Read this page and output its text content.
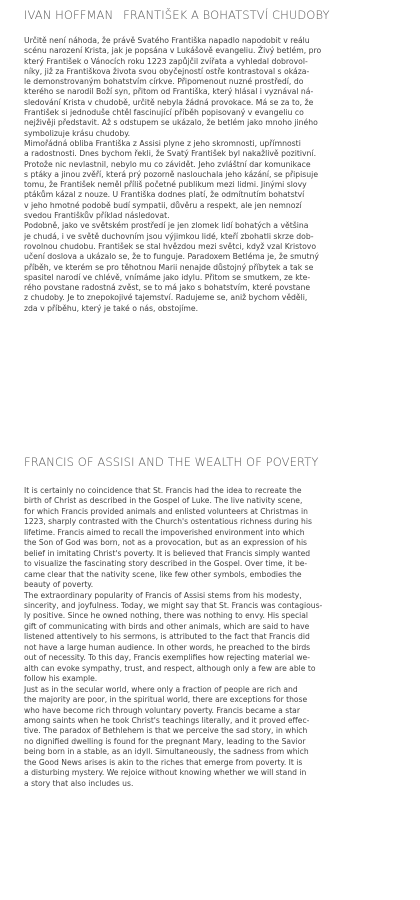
IVAN HOFFMAN FRANTIŠEK A BOHATSTVÍ CHUDOBY

Určitě není náhoda, že právě Svatého Františka napadlo napodobit v reálu
scénu narození Krista, jak je popsána v Lukášově evangeliu. Živý betlém, pro
který František o Vánocích roku 1223 zapůjčil zvířata a vyhledal dobrovol-
níky, již za Františkova života svou obyčejností ostře kontrastoval s okáza-
le demonstrovaným bohatstvím církve. Připomenout nuzné prostředí, do
kterého se narodil Boží syn, přitom od Františka, který hlásal i vyznával ná-
sledování Krista v chudobě, určitě nebyla žádná provokace. Má se za to, že
František si jednoduše chtěl fascinující příběh popisovaný v evangeliu co
nejživěji představit. Až s odstupem se ukázalo, že betlém jako mnoho jiného
symbolizuje krásu chudoby.

Mimořádná obliba Františka z Assisi plyne z jeho skromnosti, upřímnosti
a radostnosti. Dnes bychom řekli, že Svatý František byl nakažlivě pozitivní.
Protože nic nevlastnil, nebylo mu co závidět. Jeho zvláštní dar komunikace
s ptáky a jinou zvěří, která prý pozorně naslouchala jeho kázání, se připisuje
tomu, že František neměl příliš početné publikum mezi lidmi. Jinými slovy
ptákům kázal z nouze. U Františka dodnes platí, že odmítnutím bohatství
v jeho hmotné podobě budí sympatii, důvěru a respekt, ale jen nemnozí
svedou Františkův příklad následovat.

Podobně, jako ve světském prostředí je jen zlomek lidí bohatých a většina
je chudá, i ve světě duchovním jsou výjimkou lidé, kteří zbohatli skrze dob-
rovolnou chudobu. František se stal hvězdou mezi světci, když vzal Kristovo
učení doslova a ukázalo se, že to funguje. Paradoxem Betléma je, že smutný
příběh, ve kterém se pro těhotnou Marii nenajde důstojný příbytek a tak se
spasitel narodí ve chlévě, vnímáme jako idylu. Přitom se smutkem, ze kte-
rého povstane radostná zvěst, se to má jako s bohatstvím, které povstane
z chudoby. Je to znepokojivé tajemství. Radujeme se, aniž bychom věděli,
zda v příběhu, který je také o nás, obstojíme.

FRANCIS OF ASSISI AND THE WEALTH OF POVERTY

It is certainly no coincidence that St. Francis had the idea to recreate the
birth of Christ as described in the Gospel of Luke. The live nativity scene,
for which Francis provided animals and enlisted volunteers at Christmas in
1223, sharply contrasted with the Church's ostentatious richness during his
lifetime. Francis aimed to recall the impoverished environment into which
the Son of God was born, not as a provocation, but as an expression of his
belief in imitating Christ's poverty. It is believed that Francis simply wanted
to visualize the fascinating story described in the Gospel. Over time, it be-
came clear that the nativity scene, like few other symbols, embodies the
beauty of poverty.

The extraordinary popularity of Francis of Assisi stems from his modesty,
sincerity, and joyfulness. Today, we might say that St. Francis was contagious-
ly positive. Since he owned nothing, there was nothing to envy. His special
gift of communicating with birds and other animals, which are said to have
listened attentively to his sermons, is attributed to the fact that Francis did
not have a large human audience. In other words, he preached to the birds
out of necessity. To this day, Francis exemplifies how rejecting material we-
alth can evoke sympathy, trust, and respect, although only a few are able to
follow his example.

Just as in the secular world, where only a fraction of people are rich and
the majority are poor, in the spiritual world, there are exceptions for those
who have become rich through voluntary poverty. Francis became a star
among saints when he took Christ's teachings literally, and it proved effec-
tive. The paradox of Bethlehem is that we perceive the sad story, in which
no dignified dwelling is found for the pregnant Mary, leading to the Savior
being born in a stable, as an idyll. Simultaneously, the sadness from which
the Good News arises is akin to the riches that emerge from poverty. It is
a disturbing mystery. We rejoice without knowing whether we will stand in
a story that also includes us.
